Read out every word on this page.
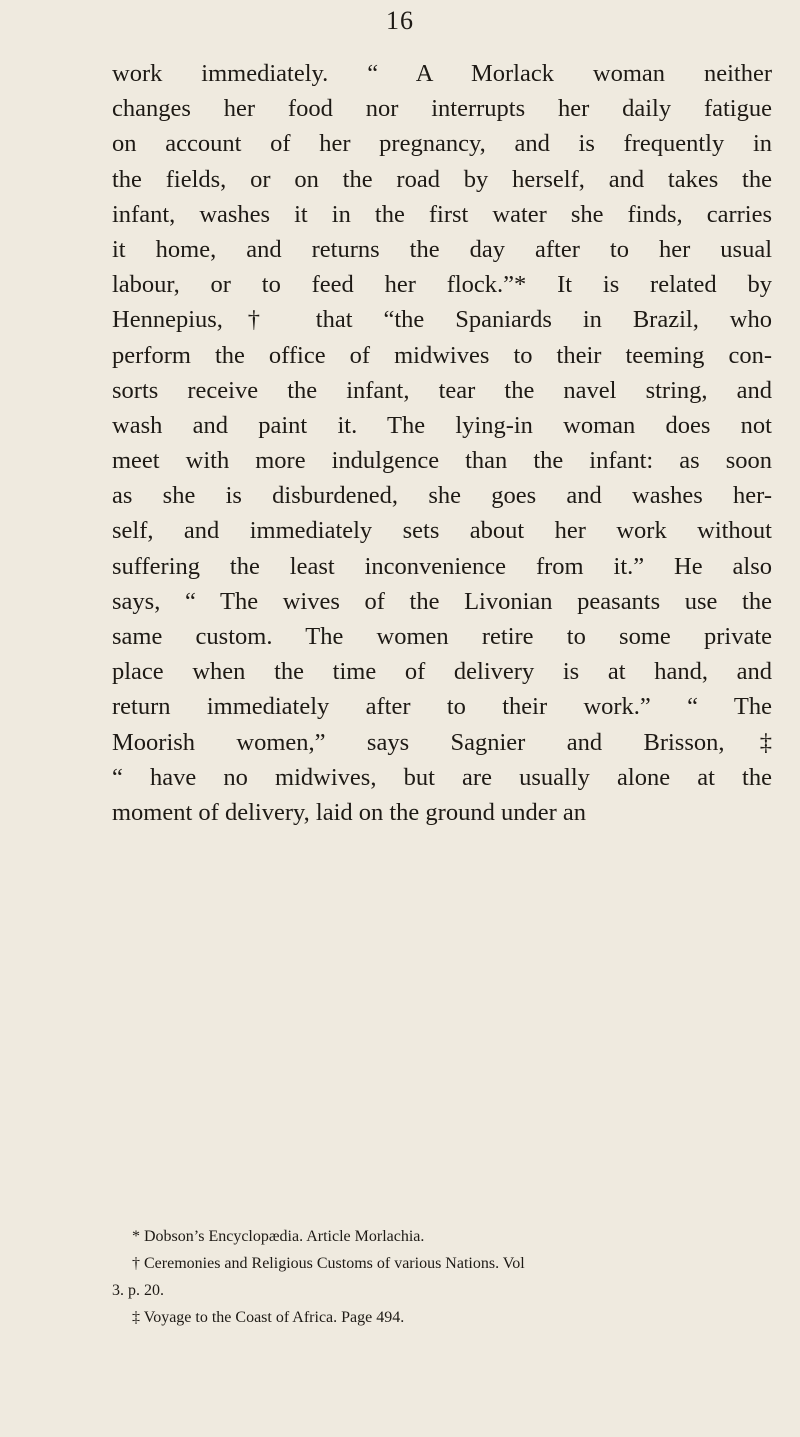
16
work immediately. “ A Morlack woman neither
changes her food nor interrupts her daily fatigue
on account of her pregnancy, and is frequently in
the fields, or on the road by herself, and takes the
infant, washes it in the first water she finds, carries
it home, and returns the day after to her usual
labour, or to feed her flock.”* It is related by
Hennepius,† that “the Spaniards in Brazil, who
perform the office of midwives to their teeming con-
sorts receive the infant, tear the navel string, and
wash and paint it. The lying-in woman does not
meet with more indulgence than the infant: as soon
as she is disburdened, she goes and washes her-
self, and immediately sets about her work without
suffering the least inconvenience from it.” He also
says, “ The wives of the Livonian peasants use the
same custom. The women retire to some private
place when the time of delivery is at hand, and
return immediately after to their work.” “ The
Moorish women,” says Sagnier and Brisson,‡
“ have no midwives, but are usually alone at the
moment of delivery, laid on the ground under an
* Dobson’s Encyclopædia. Article Morlachia.
† Ceremonies and Religious Customs of various Nations. Vol
3. p. 20.
‡ Voyage to the Coast of Africa. Page 494.
